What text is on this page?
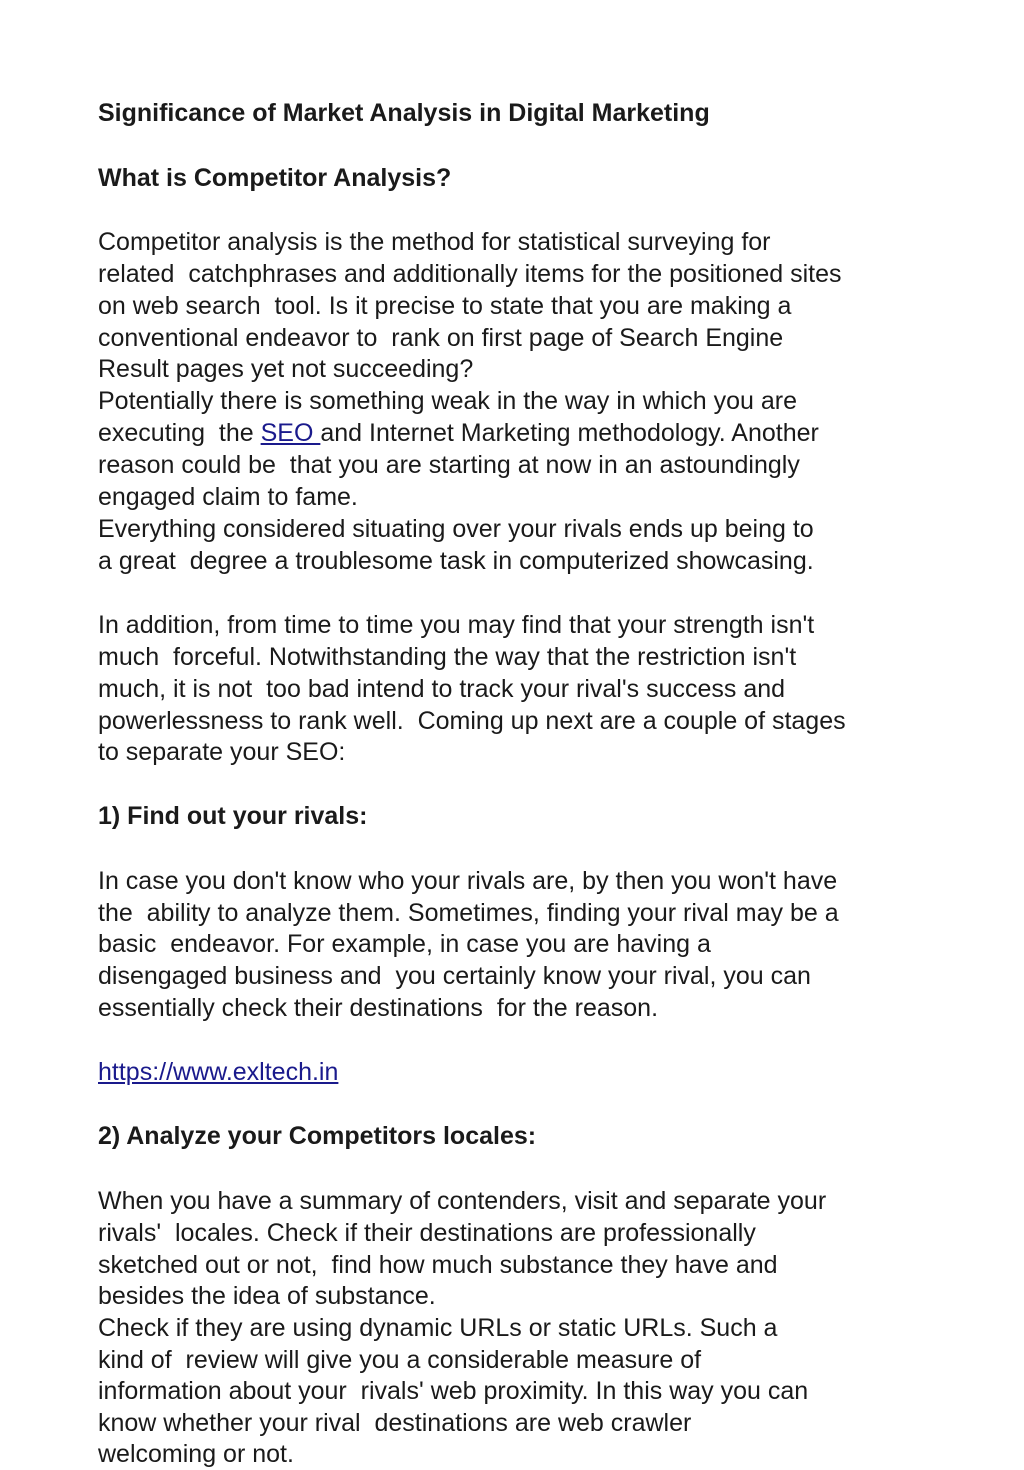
Significance of Market Analysis in Digital Marketing

What is Competitor Analysis?

Competitor analysis is the method for statistical surveying for

related  catchphrases and additionally items for the positioned sites

on web search  tool. Is it precise to state that you are making a

conventional endeavor to  rank on first page of Search Engine

Result pages yet not succeeding?

Potentially there is something weak in the way in which you are

executing  the SEO and Internet Marketing methodology. Another

reason could be  that you are starting at now in an astoundingly

engaged claim to fame.

Everything considered situating over your rivals ends up being to

a great  degree a troublesome task in computerized showcasing.

In addition, from time to time you may find that your strength isn't

much  forceful. Notwithstanding the way that the restriction isn't

much, it is not  too bad intend to track your rival's success and

powerlessness to rank well.  Coming up next are a couple of stages

to separate your SEO:

1) Find out your rivals:

In case you don't know who your rivals are, by then you won't have

the  ability to analyze them. Sometimes, finding your rival may be a

basic  endeavor. For example, in case you are having a

disengaged business and  you certainly know your rival, you can

essentially check their destinations  for the reason.

https://www.exltech.in

2) Analyze your Competitors locales:

When you have a summary of contenders, visit and separate your

rivals'  locales. Check if their destinations are professionally

sketched out or not,  find how much substance they have and

besides the idea of substance.

Check if they are using dynamic URLs or static URLs. Such a

kind of  review will give you a considerable measure of

information about your  rivals' web proximity. In this way you can

know whether your rival  destinations are web crawler

welcoming or not.
